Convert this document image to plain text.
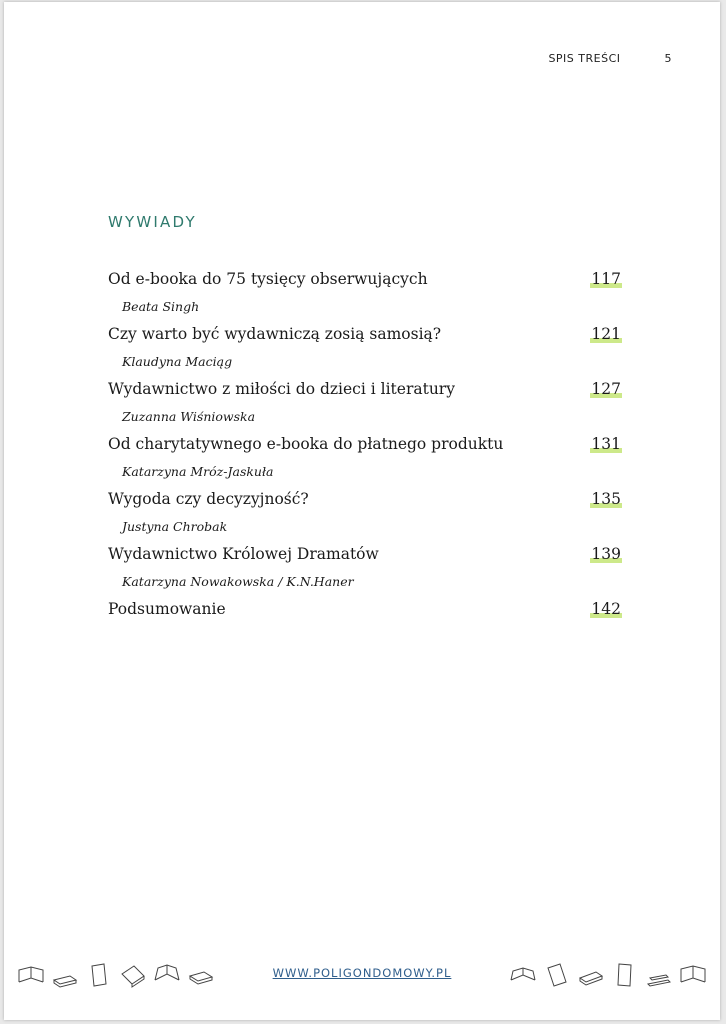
SPIS TREŚCI	5
WYWIADY
Od e-booka do 75 tysięcy obserwujących	117
Beata Singh
Czy warto być wydawniczą zosią samosią?	121
Klaudyna Maciąg
Wydawnictwo z miłości do dzieci i literatury	127
Zuzanna Wiśniowska
Od charytatywnego e-booka do płatnego produktu	131
Katarzyna Mróz-Jaskuła
Wygoda czy decyzyjność?	135
Justyna Chrobak
Wydawnictwo Królowej Dramatów	139
Katarzyna Nowakowska / K.N.Haner
Podsumowanie	142
WWW.POLIGONDOMOWY.PL
